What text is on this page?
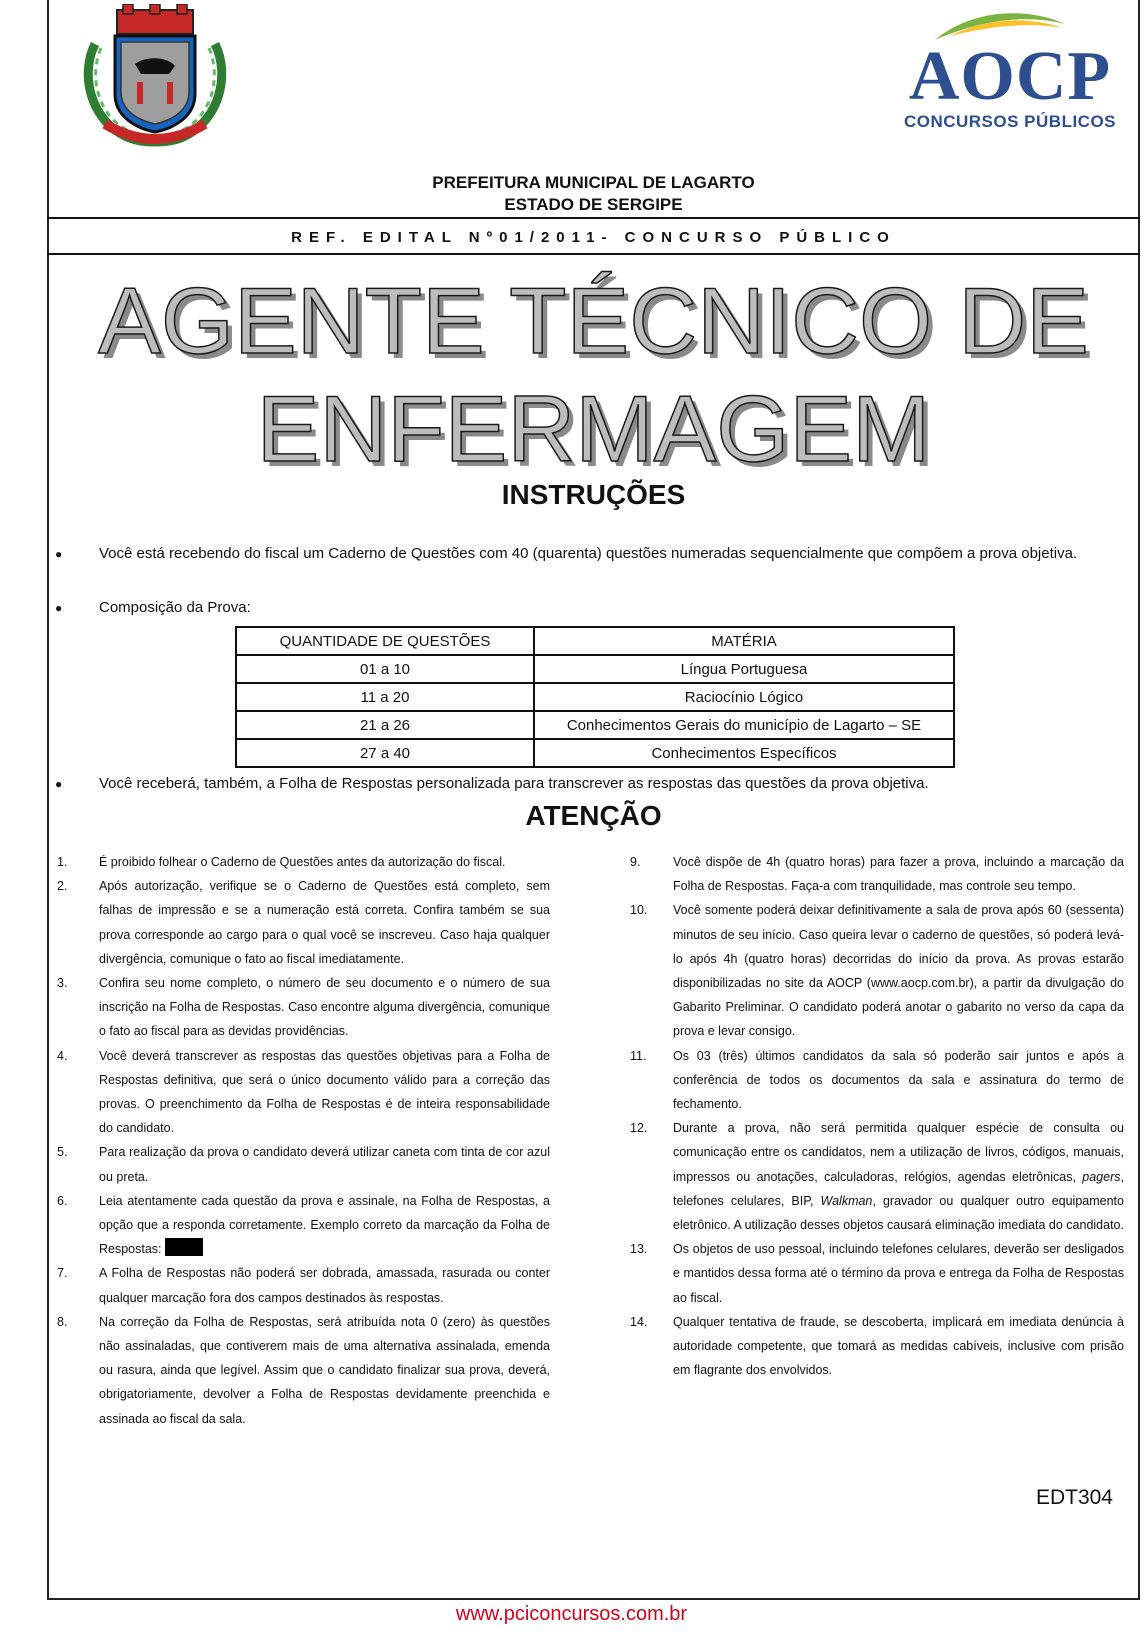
AOCP
CONCURSOS PÚBLICOS
PREFEITURA MUNICIPAL DE LAGARTO
ESTADO DE SERGIPE
REF. EDITAL Nº01/2011- CONCURSO PÚBLICO
AGENTE TÉCNICO DE
ENFERMAGEM
INSTRUÇÕES
● Você está recebendo do fiscal um Caderno de Questões com 40 (quarenta) questões numeradas sequencialmente que compõem a prova objetiva.
● Composição da Prova:
QUANTIDADE DE QUESTÕES	MATÉRIA
01 a 10	Língua Portuguesa
11 a 20	Raciocínio Lógico
21 a 26	Conhecimentos Gerais do município de Lagarto – SE
27 a 40	Conhecimentos Específicos
● Você receberá, também, a Folha de Respostas personalizada para transcrever as respostas das questões da prova objetiva.
ATENÇÃO
1.	É proibido folhear o Caderno de Questões antes da autorização do fiscal.
2.	Após autorização, verifique se o Caderno de Questões está completo, sem falhas de impressão e se a numeração está correta. Confira também se sua prova corresponde ao cargo para o qual você se inscreveu. Caso haja qualquer divergência, comunique o fato ao fiscal imediatamente.
3.	Confira seu nome completo, o número de seu documento e o número de sua inscrição na Folha de Respostas. Caso encontre alguma divergência, comunique o fato ao fiscal para as devidas providências.
4.	Você deverá transcrever as respostas das questões objetivas para a Folha de Respostas definitiva, que será o único documento válido para a correção das provas. O preenchimento da Folha de Respostas é de inteira responsabilidade do candidato.
5.	Para realização da prova o candidato deverá utilizar caneta com tinta de cor azul ou preta.
6.	Leia atentamente cada questão da prova e assinale, na Folha de Respostas, a opção que a responda corretamente. Exemplo correto da marcação da Folha de Respostas:
7.	A Folha de Respostas não poderá ser dobrada, amassada, rasurada ou conter qualquer marcação fora dos campos destinados às respostas.
8.	Na correção da Folha de Respostas, será atribuída nota 0 (zero) às questões não assinaladas, que contiverem mais de uma alternativa assinalada, emenda ou rasura, ainda que legível. Assim que o candidato finalizar sua prova, deverá, obrigatoriamente, devolver a Folha de Respostas devidamente preenchida e assinada ao fiscal da sala.
9.	Você dispõe de 4h (quatro horas) para fazer a prova, incluindo a marcação da Folha de Respostas. Faça-a com tranquilidade, mas controle seu tempo.
10. Você somente poderá deixar definitivamente a sala de prova após 60 (sessenta) minutos de seu início. Caso queira levar o caderno de questões, só poderá levá-lo após 4h (quatro horas) decorridas do início da prova. As provas estarão disponibilizadas no site da AOCP (www.aocp.com.br), a partir da divulgação do Gabarito Preliminar. O candidato poderá anotar o gabarito no verso da capa da prova e levar consigo.
11. Os 03 (três) últimos candidatos da sala só poderão sair juntos e após a conferência de todos os documentos da sala e assinatura do termo de fechamento.
12. Durante a prova, não será permitida qualquer espécie de consulta ou comunicação entre os candidatos, nem a utilização de livros, códigos, manuais, impressos ou anotações, calculadoras, relógios, agendas eletrônicas, pagers, telefones celulares, BIP, Walkman, gravador ou qualquer outro equipamento eletrônico. A utilização desses objetos causará eliminação imediata do candidato.
13. Os objetos de uso pessoal, incluindo telefones celulares, deverão ser desligados e mantidos dessa forma até o término da prova e entrega da Folha de Respostas ao fiscal.
14. Qualquer tentativa de fraude, se descoberta, implicará em imediata denúncia à autoridade competente, que tomará as medidas cabíveis, inclusive com prisão em flagrante dos envolvidos.
EDT304
www.pciconcursos.com.br
